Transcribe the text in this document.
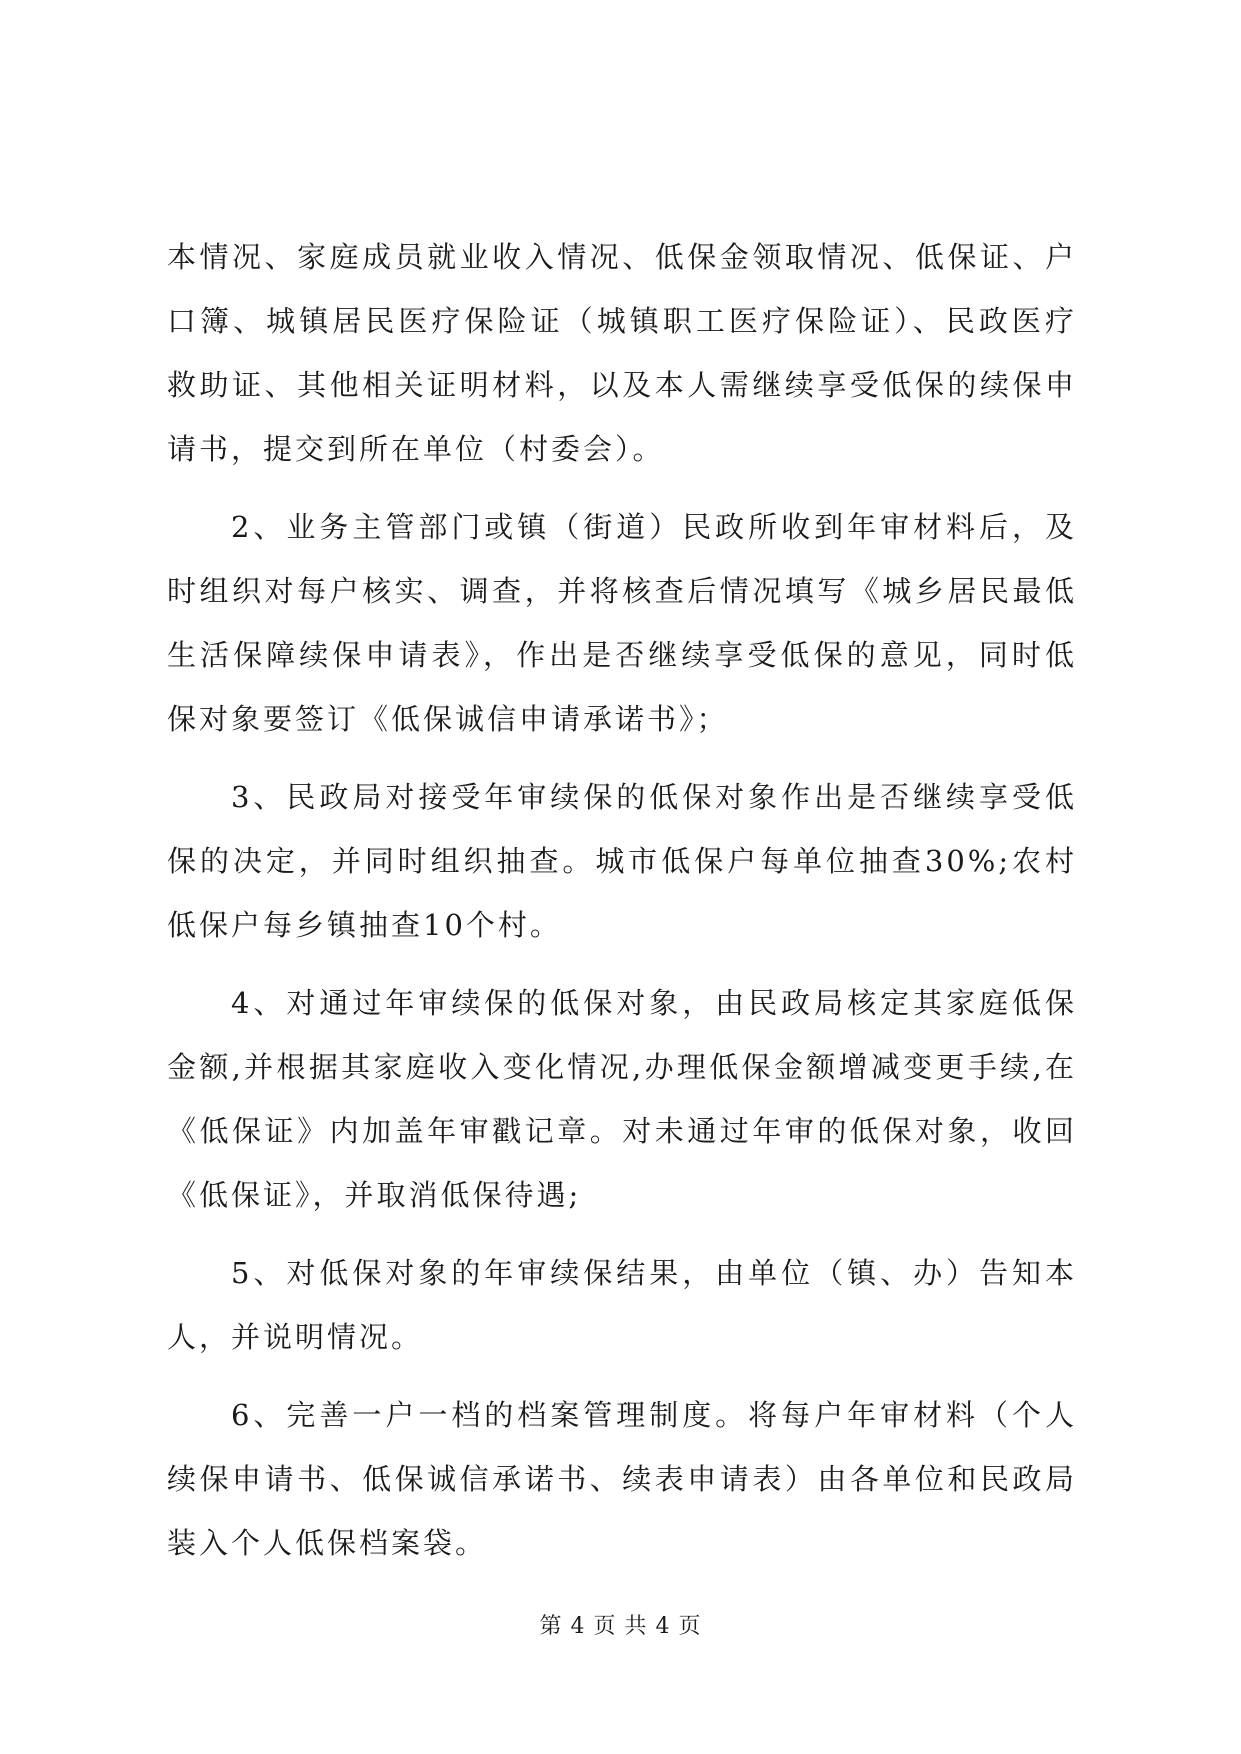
本情况、家庭成员就业收入情况、低保金领取情况、低保证、户口簿、城镇居民医疗保险证（城镇职工医疗保险证）、民政医疗救助证、其他相关证明材料，以及本人需继续享受低保的续保申请书，提交到所在单位（村委会）。

2、业务主管部门或镇（街道）民政所收到年审材料后，及时组织对每户核实、调查，并将核查后情况填写《城乡居民最低生活保障续保申请表》，作出是否继续享受低保的意见，同时低保对象要签订《低保诚信申请承诺书》；

3、民政局对接受年审续保的低保对象作出是否继续享受低保的决定，并同时组织抽查。城市低保户每单位抽查30%;农村低保户每乡镇抽查10个村。

4、对通过年审续保的低保对象，由民政局核定其家庭低保金额,并根据其家庭收入变化情况,办理低保金额增减变更手续,在《低保证》内加盖年审戳记章。对未通过年审的低保对象，收回《低保证》，并取消低保待遇;

5、对低保对象的年审续保结果，由单位（镇、办）告知本人，并说明情况。

6、完善一户一档的档案管理制度。将每户年审材料（个人续保申请书、低保诚信承诺书、续表申请表）由各单位和民政局装入个人低保档案袋。

第 4 页 共 4 页
